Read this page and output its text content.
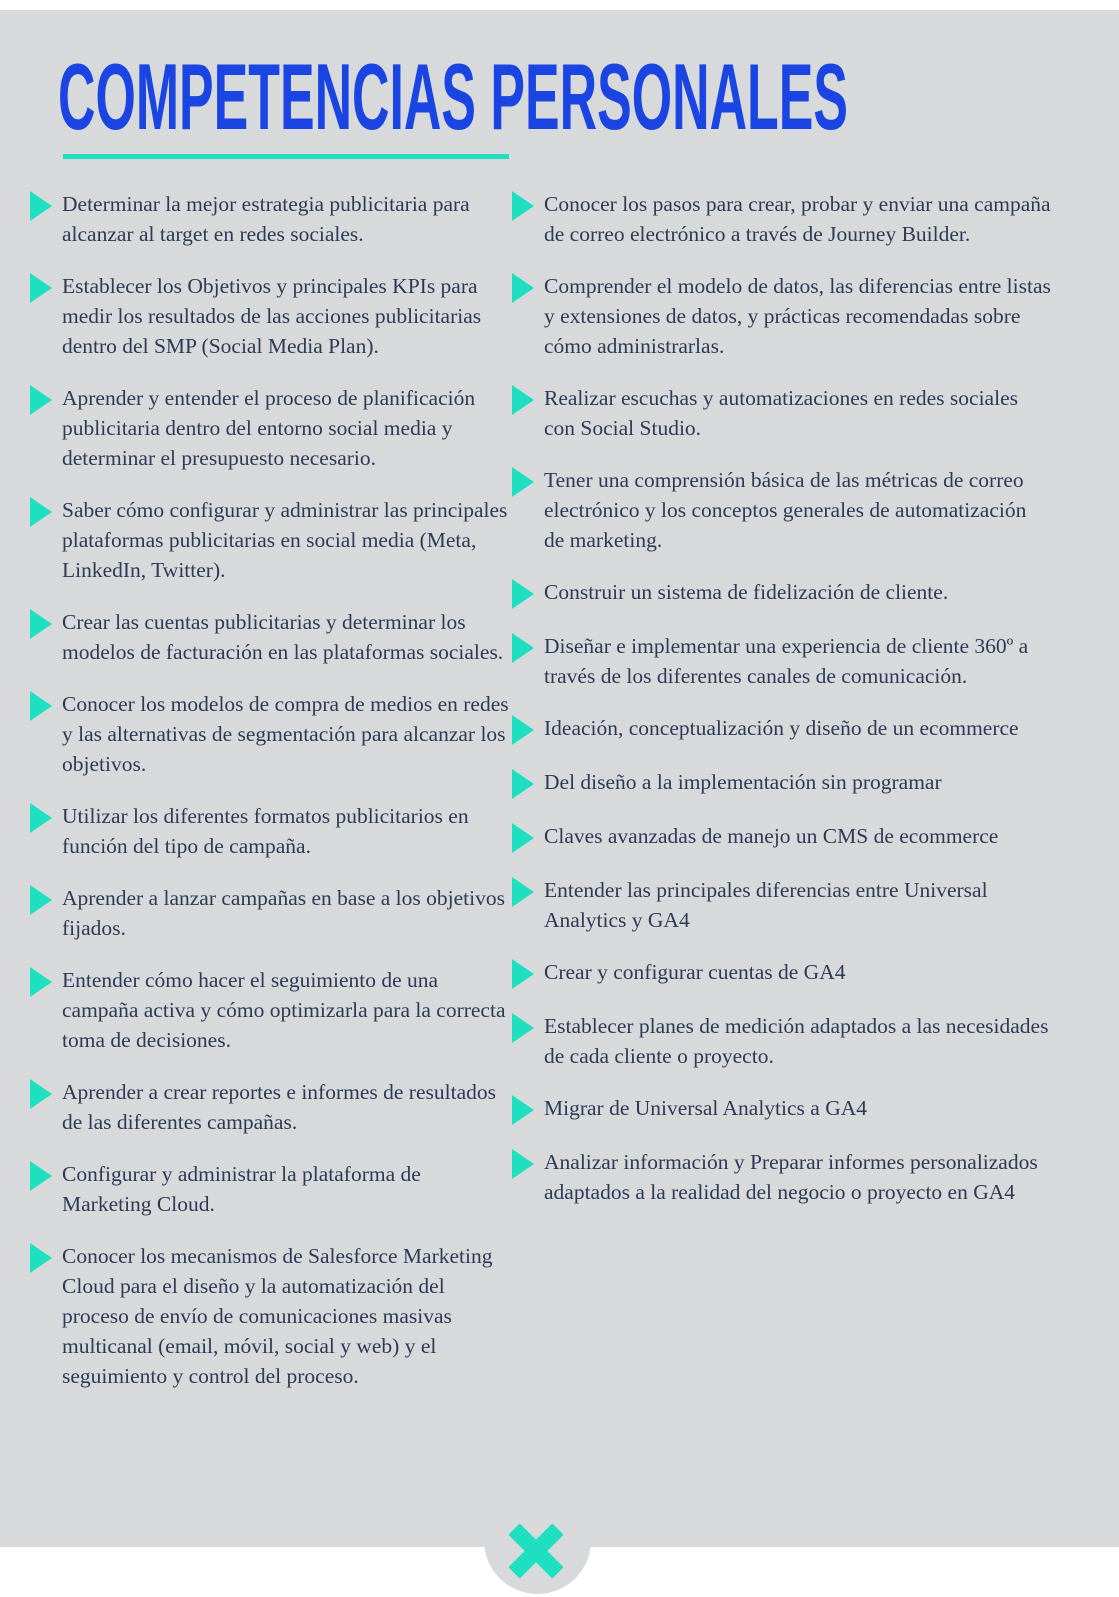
COMPETENCIAS PERSONALES
Determinar la mejor estrategia publicitaria para alcanzar al target en redes sociales.
Establecer los Objetivos y principales KPIs para medir los resultados de las acciones publicitarias dentro del SMP (Social Media Plan).
Aprender y entender el proceso de planificación publicitaria dentro del entorno social media y determinar el presupuesto necesario.
Saber cómo configurar y administrar las principales plataformas publicitarias en social media (Meta, LinkedIn, Twitter).
Crear las cuentas publicitarias y determinar los modelos de facturación en las plataformas sociales.
Conocer los modelos de compra de medios en redes y las alternativas de segmentación para alcanzar los objetivos.
Utilizar los diferentes formatos publicitarios en función del tipo de campaña.
Aprender a lanzar campañas en base a los objetivos fijados.
Entender cómo hacer el seguimiento de una campaña activa y cómo optimizarla para la correcta toma de decisiones.
Aprender a crear reportes e informes de resultados de las diferentes campañas.
Configurar y administrar la plataforma de Marketing Cloud.
Conocer los mecanismos de Salesforce Marketing Cloud para el diseño y la automatización del proceso de envío de comunicaciones masivas multicanal (email, móvil, social y web) y el seguimiento y control del proceso.
Conocer los pasos para crear, probar y enviar una campaña de correo electrónico a través de Journey Builder.
Comprender el modelo de datos, las diferencias entre listas y extensiones de datos, y prácticas recomendadas sobre cómo administrarlas.
Realizar escuchas y automatizaciones en redes sociales con Social Studio.
Tener una comprensión básica de las métricas de correo electrónico y los conceptos generales de automatización de marketing.
Construir un sistema de fidelización de cliente.
Diseñar e implementar una experiencia de cliente 360º a través de los diferentes canales de comunicación.
Ideación, conceptualización y diseño de un ecommerce
Del diseño a la implementación sin programar
Claves avanzadas de manejo un CMS de ecommerce
Entender las principales diferencias entre Universal Analytics y GA4
Crear y configurar cuentas de GA4
Establecer planes de medición adaptados a las necesidades de cada cliente o proyecto.
Migrar de Universal Analytics a GA4
Analizar información y Preparar informes personalizados adaptados a la realidad del negocio o proyecto en GA4
